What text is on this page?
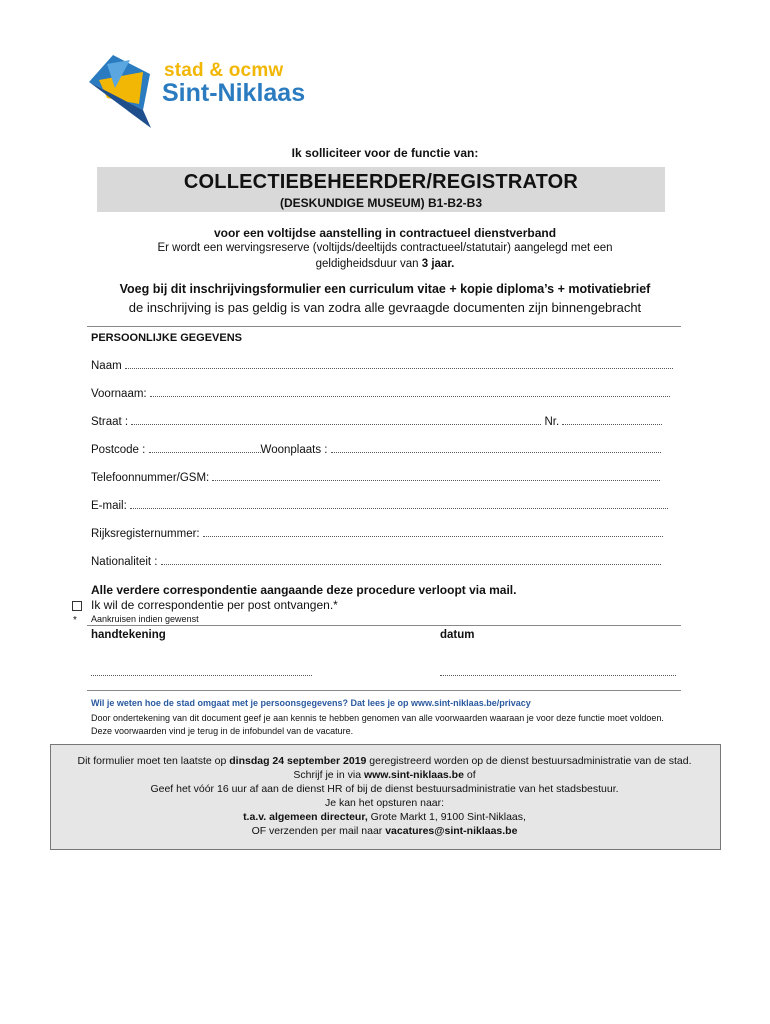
stad & ocmw
Sint-Niklaas
Ik solliciteer voor de functie van:
COLLECTIEBEHEERDER/REGISTRATOR
(DESKUNDIGE MUSEUM) B1-B2-B3
voor een voltijdse aanstelling in contractueel dienstverband
Er wordt een wervingsreserve (voltijds/deeltijds contractueel/statutair) aangelegd met een
geldigheidsduur van 3 jaar.
Voeg bij dit inschrijvingsformulier een curriculum vitae + kopie diploma’s + motivatiebrief
de inschrijving is pas geldig is van zodra alle gevraagde documenten zijn binnengebracht
PERSOONLIJKE GEGEVENS
Naam
Voornaam:
Straat :	Nr.
Postcode :	Woonplaats :
Telefoonnummer/GSM:
E-mail:
Rijksregisternummer:
Nationaliteit :
Alle verdere correspondentie aangaande deze procedure verloopt via mail.
Ik wil de correspondentie per post ontvangen.*
* Aankruisen indien gewenst
handtekening	datum
Wil je weten hoe de stad omgaat met je persoonsgegevens? Dat lees je op www.sint-niklaas.be/privacy
Door ondertekening van dit document geef je aan kennis te hebben genomen van alle voorwaarden waaraan je voor deze functie moet voldoen. Deze voorwaarden vind je terug in de infobundel van de vacature.
Dit formulier moet ten laatste op dinsdag 24 september 2019 geregistreerd worden op de dienst bestuursadministratie van de stad.
Schrijf je in via www.sint-niklaas.be of
Geef het vóór 16 uur af aan de dienst HR of bij de dienst bestuursadministratie van het stadsbestuur.
Je kan het opsturen naar:
t.a.v. algemeen directeur, Grote Markt 1, 9100 Sint-Niklaas,
OF verzenden per mail naar vacatures@sint-niklaas.be
